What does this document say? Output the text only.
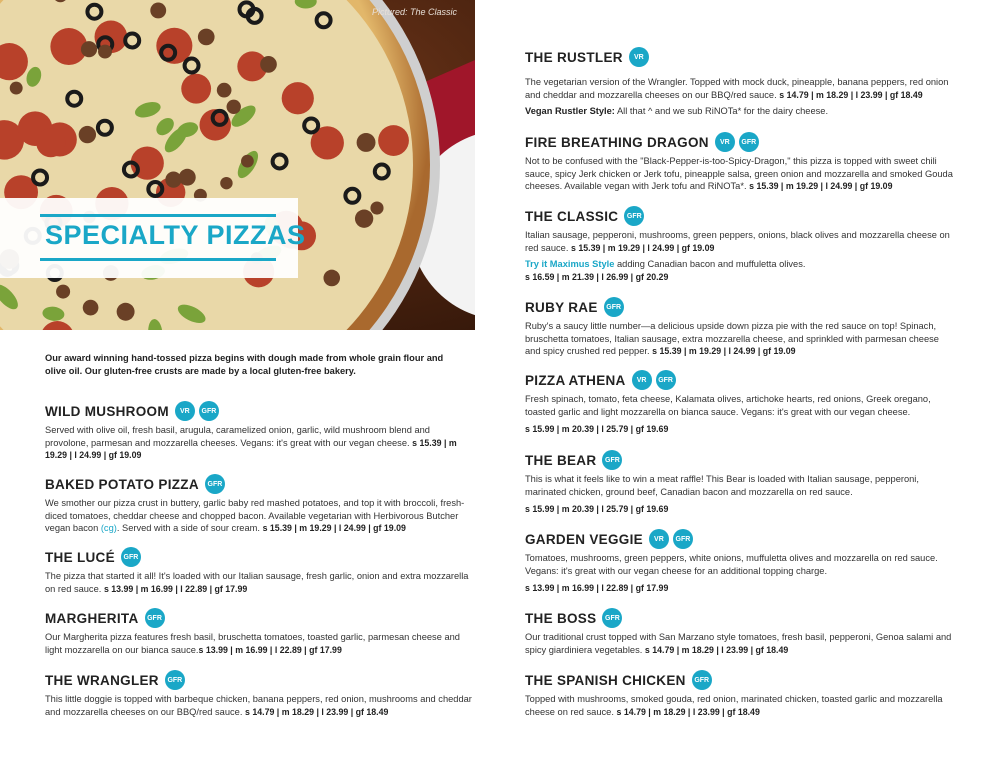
Pictured: The Classic
SPECIALTY PIZZAS
Our award winning hand-tossed pizza begins with dough made from whole grain flour and olive oil. Our gluten-free crusts are made by a local gluten-free bakery.
WILD MUSHROOM	VR	GFR
Served with olive oil, fresh basil, arugula, caramelized onion, garlic, wild mushroom blend and provolone, parmesan and mozzarella cheeses. Vegans: it's great with our vegan cheese. s 15.39 | m 19.29 | l 24.99 | gf 19.09
BAKED POTATO PIZZA	GFR
We smother our pizza crust in buttery, garlic baby red mashed potatoes, and top it with broccoli, fresh-diced tomatoes, cheddar cheese and chopped bacon. Available vegetarian with Herbivorous Butcher vegan bacon (cg). Served with a side of sour cream. s 15.39 | m 19.29 | l 24.99 | gf 19.09
THE LUCÉ	GFR
The pizza that started it all! It's loaded with our Italian sausage, fresh garlic, onion and extra mozzarella on red sauce. s 13.99 | m 16.99 | l 22.89 | gf 17.99
MARGHERITA	GFR
Our Margherita pizza features fresh basil, bruschetta tomatoes, toasted garlic, parmesan cheese and light mozzarella on our bianca sauce.s 13.99 | m 16.99 | l 22.89 | gf 17.99
THE WRANGLER	GFR
This little doggie is topped with barbeque chicken, banana peppers, red onion, mushrooms and cheddar and mozzarella cheeses on our BBQ/red sauce. s 14.79 | m 18.29 | l 23.99 | gf 18.49
THE RUSTLER	VR
The vegetarian version of the Wrangler. Topped with mock duck, pineapple, banana peppers, red onion and cheddar and mozzarella cheeses on our BBQ/red sauce. s 14.79 | m 18.29 | l 23.99 | gf 18.49
Vegan Rustler Style: All that ^ and we sub RiNOTa* for the dairy cheese.
FIRE BREATHING DRAGON	VR	GFR
Not to be confused with the "Black-Pepper-is-too-Spicy-Dragon," this pizza is topped with sweet chili sauce, spicy Jerk chicken or Jerk tofu, pineapple salsa, green onion and mozzarella and smoked Gouda cheeses. Available vegan with Jerk tofu and RiNOTa*. s 15.39 | m 19.29 | l 24.99 | gf 19.09
THE CLASSIC	GFR
Italian sausage, pepperoni, mushrooms, green peppers, onions, black olives and mozzarella cheese on red sauce. s 15.39 | m 19.29 | l 24.99 | gf 19.09
Try it Maximus Style adding Canadian bacon and muffuletta olives.
s 16.59 | m 21.39 | l 26.99 | gf 20.29
RUBY RAE	GFR
Ruby's a saucy little number—a delicious upside down pizza pie with the red sauce on top! Spinach, bruschetta tomatoes, Italian sausage, extra mozzarella cheese, and sprinkled with parmesan cheese and spicy crushed red pepper. s 15.39 | m 19.29 | l 24.99 | gf 19.09
PIZZA ATHENA	VR	GFR
Fresh spinach, tomato, feta cheese, Kalamata olives, artichoke hearts, red onions, Greek oregano, toasted garlic and light mozzarella on bianca sauce. Vegans: it's great with our vegan cheese.
s 15.99 | m 20.39 | l 25.79 | gf 19.69
THE BEAR	GFR
This is what it feels like to win a meat raffle! This Bear is loaded with Italian sausage, pepperoni, marinated chicken, ground beef, Canadian bacon and mozzarella on red sauce.
s 15.99 | m 20.39 | l 25.79 | gf 19.69
GARDEN VEGGIE	VR	GFR
Tomatoes, mushrooms, green peppers, white onions, muffuletta olives and mozzarella on red sauce. Vegans: it's great with our vegan cheese for an additional topping charge.
s 13.99 | m 16.99 | l 22.89 | gf 17.99
THE BOSS	GFR
Our traditional crust topped with San Marzano style tomatoes, fresh basil, pepperoni, Genoa salami and spicy giardiniera vegetables. s 14.79 | m 18.29 | l 23.99 | gf 18.49
THE SPANISH CHICKEN	GFR
Topped with mushrooms, smoked gouda, red onion, marinated chicken, toasted garlic and mozzarella cheese on red sauce. s 14.79 | m 18.29 | l 23.99 | gf 18.49
